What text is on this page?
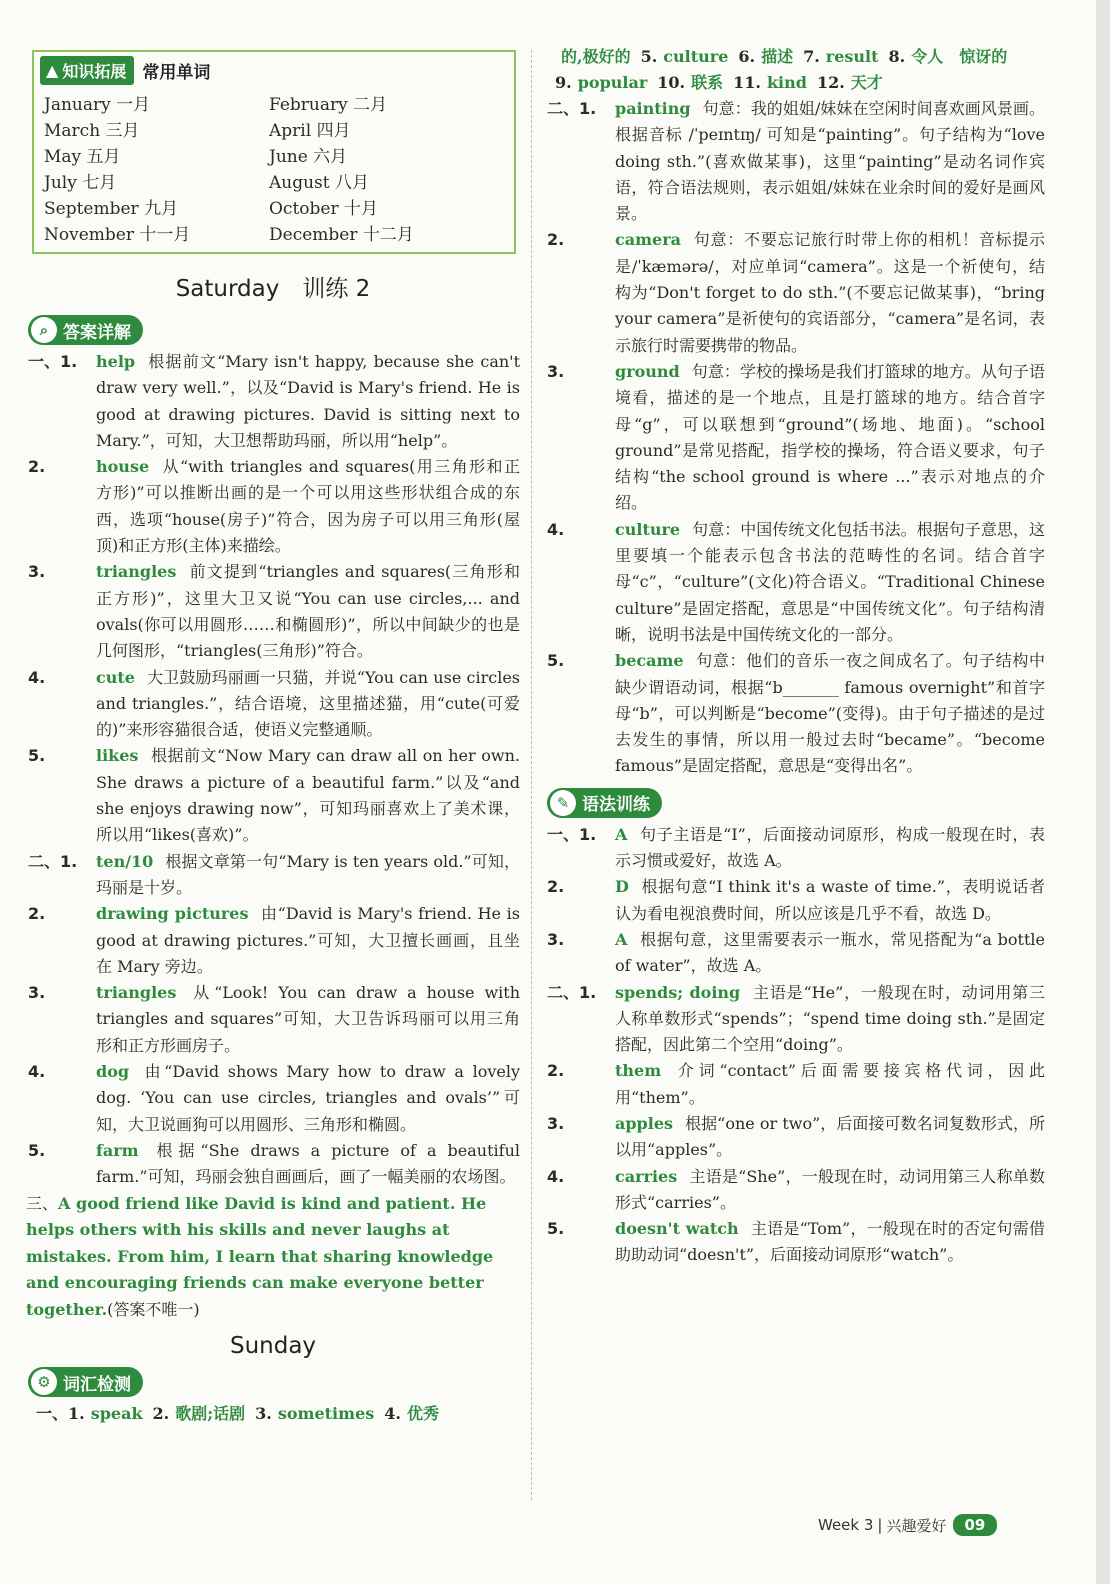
▲ 知识拓展 常用单词
January 一月	February 二月
March 三月	April 四月
May 五月	June 六月
July 七月	August 八月
September 九月	October 十月
November 十一月	December 十二月
Saturday　训练 2
⌕ 答案详解
一、1. help 根据前文“Mary isn't happy, because she can't draw very well.”，以及“David is Mary's friend. He is good at drawing pictures. David is sitting next to Mary.”，可知，大卫想帮助玛丽，所以用“help”。
2.	house 从“with triangles and squares(用三角形和正方形)”可以推断出画的是一个可以用这些形状组合成的东西，选项“house(房子)”符合，因为房子可以用三角形(屋顶)和正方形(主体)来描绘。
3.	triangles 前文提到“triangles and squares(三角形和正方形)”，这里大卫又说“You can use circles,... and ovals(你可以用圆形……和椭圆形)”，所以中间缺少的也是几何图形，“triangles(三角形)”符合。
4.	cute 大卫鼓励玛丽画一只猫，并说“You can use circles and triangles.”，结合语境，这里描述猫，用“cute(可爱的)”来形容猫很合适，使语义完整通顺。
5.	likes 根据前文“Now Mary can draw all on her own. She draws a picture of a beautiful farm.”以及“and she enjoys drawing now”，可知玛丽喜欢上了美术课，所以用“likes(喜欢)”。
二、1. ten/10 根据文章第一句“Mary is ten years old.”可知，玛丽是十岁。
2.	drawing pictures 由“David is Mary's friend. He is good at drawing pictures.”可知，大卫擅长画画，且坐在 Mary 旁边。
3.	triangles 从“Look! You can draw a house with triangles and squares”可知，大卫告诉玛丽可以用三角形和正方形画房子。
4.	dog 由“David shows Mary how to draw a lovely dog. ‘You can use circles, triangles and ovals’”可知，大卫说画狗可以用圆形、三角形和椭圆。
5.	farm 根据“She draws a picture of a beautiful farm.”可知，玛丽会独自画画后，画了一幅美丽的农场图。
三、A good friend like David is kind and patient. He helps others with his skills and never laughs at mistakes. From him, I learn that sharing knowledge and encouraging friends can make everyone better together.(答案不唯一)
Sunday
⚙ 词汇检测
一、1. speak 2. 歌剧;话剧 3. sometimes 4. 优秀
的,极好的 5. culture 6. 描述 7. result 8. 令人 惊讶的9. popular 10. 联系 11. kind 12. 天才
二、1. painting 句意：我的姐姐/妹妹在空闲时间喜欢画风景画。根据音标 /ˈpeɪntɪŋ/ 可知是“painting”。句子结构为“love doing sth.”(喜欢做某事)，这里“painting”是动名词作宾语，符合语法规则，表示姐姐/妹妹在业余时间的爱好是画风景。
2.	camera 句意：不要忘记旅行时带上你的相机！音标提示是/ˈkæmərə/，对应单词“camera”。这是一个祈使句，结构为“Don't forget to do sth.”(不要忘记做某事)，“bring your camera”是祈使句的宾语部分，“camera”是名词，表示旅行时需要携带的物品。
3.	ground 句意：学校的操场是我们打篮球的地方。从句子语境看，描述的是一个地点，且是打篮球的地方。结合首字母“g”，可以联想到“ground”(场地、地面)。“school ground”是常见搭配，指学校的操场，符合语义要求，句子结构“the school ground is where ...”表示对地点的介绍。
4.	culture 句意：中国传统文化包括书法。根据句子意思，这里要填一个能表示包含书法的范畴性的名词。结合首字母“c”，“culture”(文化)符合语义。“Traditional Chinese culture”是固定搭配，意思是“中国传统文化”。句子结构清晰，说明书法是中国传统文化的一部分。
5.	became 句意：他们的音乐一夜之间成名了。句子结构中缺少谓语动词，根据“b_______ famous overnight”和首字母“b”，可以判断是“become”(变得)。由于句子描述的是过去发生的事情，所以用一般过去时“became”。“become famous”是固定搭配，意思是“变得出名”。
✎ 语法训练
一、1. A 句子主语是“I”，后面接动词原形，构成一般现在时，表示习惯或爱好，故选 A。
2.	D 根据句意“I think it's a waste of time.”，表明说话者认为看电视浪费时间，所以应该是几乎不看，故选 D。
3.	A 根据句意，这里需要表示一瓶水，常见搭配为“a bottle of water”，故选 A。
二、1. spends; doing 主语是“He”，一般现在时，动词用第三人称单数形式“spends”；“spend time doing sth.”是固定搭配，因此第二个空用“doing”。
2.	them 介词“contact”后面需要接宾格代词，因此用“them”。
3.	apples 根据“one or two”，后面接可数名词复数形式，所以用“apples”。
4.	carries 主语是“She”，一般现在时，动词用第三人称单数形式“carries”。
5.	doesn't watch 主语是“Tom”，一般现在时的否定句需借助助动词“doesn't”，后面接动词原形“watch”。
Week 3 | 兴趣爱好	09
